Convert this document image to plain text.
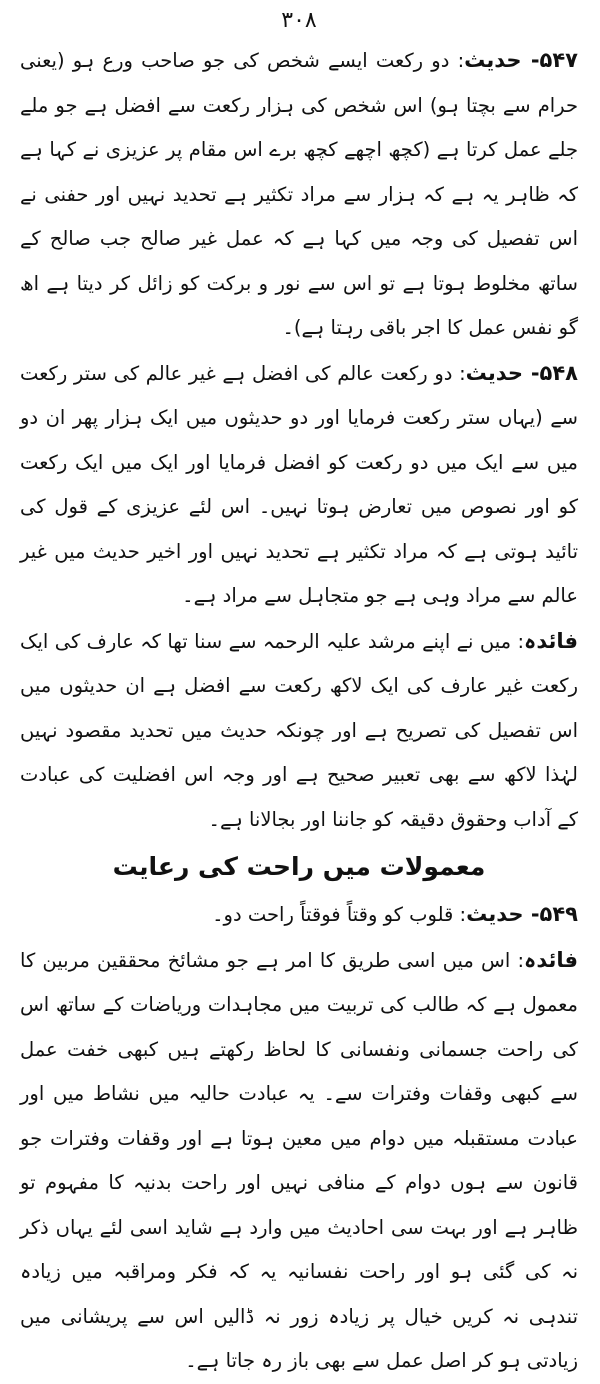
۳۰۸

۵۴۷- حدیث: دو رکعت ایسے شخص کی جو صاحب ورع ہو (یعنی حرام سے بچتا ہو) اس شخص کی ہزار رکعت سے افضل ہے جو ملے جلے عمل کرتا ہے (کچھ اچھے کچھ برے اس مقام پر عزیزی نے کہا ہے کہ ظاہر یہ ہے کہ ہزار سے مراد تکثیر ہے تحدید نہیں اور حفنی نے اس تفصیل کی وجہ میں کہا ہے کہ عمل غیر صالح جب صالح کے ساتھ مخلوط ہوتا ہے تو اس سے نور و برکت کو زائل کر دیتا ہے اھ گو نفس عمل کا اجر باقی رہتا ہے)۔

۵۴۸- حدیث: دو رکعت عالم کی افضل ہے غیر عالم کی ستر رکعت سے (یہاں ستر رکعت فرمایا اور دو حدیثوں میں ایک ہزار پھر ان دو میں سے ایک میں دو رکعت کو افضل فرمایا اور ایک میں ایک رکعت کو اور نصوص میں تعارض ہوتا نہیں۔ اس لئے عزیزی کے قول کی تائید ہوتی ہے کہ مراد تکثیر ہے تحدید نہیں اور اخیر حدیث میں غیر عالم سے مراد وہی ہے جو متجاہل سے مراد ہے۔

فائدہ: میں نے اپنے مرشد علیہ الرحمہ سے سنا تھا کہ عارف کی ایک رکعت غیر عارف کی ایک لاکھ رکعت سے افضل ہے ان حدیثوں میں اس تفصیل کی تصریح ہے اور چونکہ حدیث میں تحدید مقصود نہیں لہٰذا لاکھ سے بھی تعبیر صحیح ہے اور وجہ اس افضلیت کی عبادت کے آداب وحقوق دقیقہ کو جاننا اور بجالانا ہے۔

معمولات میں راحت کی رعایت

۵۴۹- حدیث: قلوب کو وقتاً فوقتاً راحت دو۔

فائدہ: اس میں اسی طریق کا امر ہے جو مشائخ محققین مربین کا معمول ہے کہ طالب کی تربیت میں مجاہدات وریاضات کے ساتھ اس کی راحت جسمانی ونفسانی کا لحاظ رکھتے ہیں کبھی خفت عمل سے کبھی وقفات وفترات سے۔ یہ عبادت حالیہ میں نشاط میں اور عبادت مستقبلہ میں دوام میں معین ہوتا ہے اور وقفات وفترات جو قانون سے ہوں دوام کے منافی نہیں اور راحت بدنیہ کا مفہوم تو ظاہر ہے اور بہت سی احادیث میں وارد ہے شاید اسی لئے یہاں ذکر نہ کی گئی ہو اور راحت نفسانیہ یہ کہ فکر ومراقبہ میں زیادہ تندہی نہ کریں خیال پر زیادہ زور نہ ڈالیں اس سے پریشانی میں زیادتی ہو کر اصل عمل سے بھی باز رہ جاتا ہے۔
